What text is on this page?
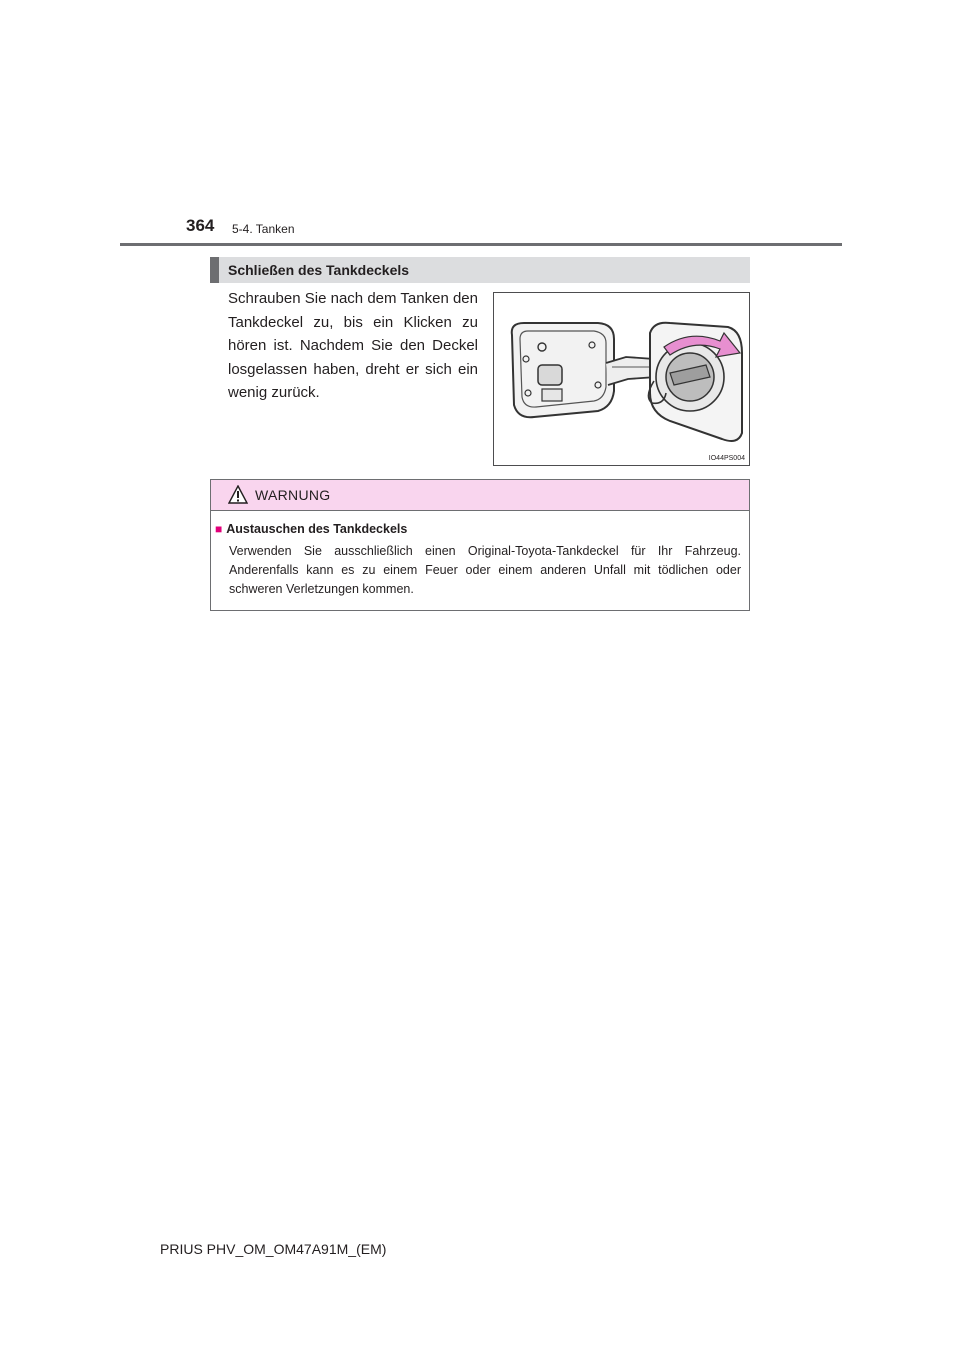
364 5-4. Tanken
Schließen des Tankdeckels
Schrauben Sie nach dem Tanken den Tankdeckel zu, bis ein Klicken zu hören ist. Nachdem Sie den Deckel losgelassen haben, dreht er sich ein wenig zurück.
IO44PS004
WARNUNG
■ Austauschen des Tankdeckels
Verwenden Sie ausschließlich einen Original-Toyota-Tankdeckel für Ihr Fahrzeug. Anderenfalls kann es zu einem Feuer oder einem anderen Unfall mit tödlichen oder schweren Verletzungen kommen.
PRIUS PHV_OM_OM47A91M_(EM)
